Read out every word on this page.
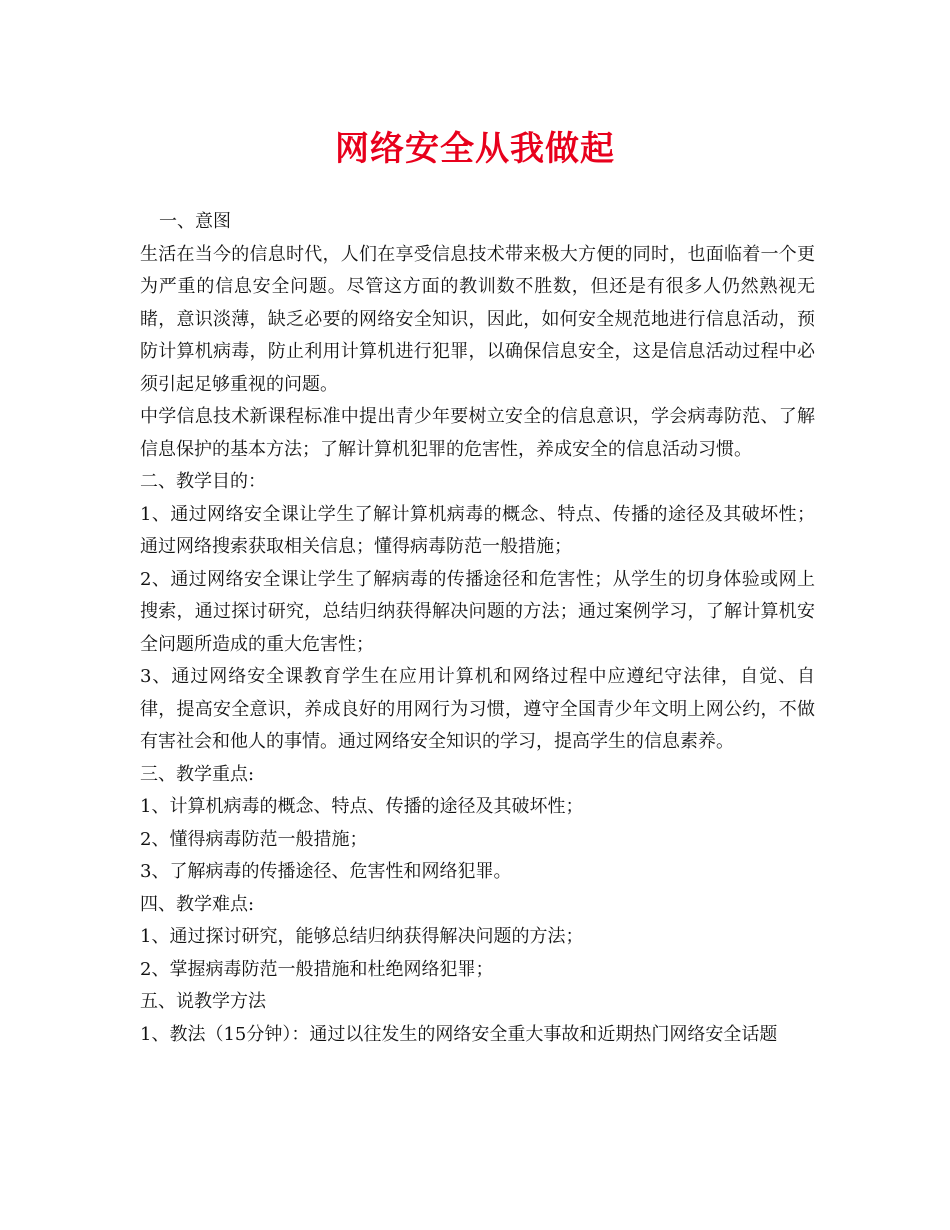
网络安全从我做起

一、意图

生活在当今的信息时代，人们在享受信息技术带来极大方便的同时，也面临着一个更为严重的信息安全问题。尽管这方面的教训数不胜数，但还是有很多人仍然熟视无睹，意识淡薄，缺乏必要的网络安全知识，因此，如何安全规范地进行信息活动，预防计算机病毒，防止利用计算机进行犯罪，以确保信息安全，这是信息活动过程中必须引起足够重视的问题。

中学信息技术新课程标准中提出青少年要树立安全的信息意识，学会病毒防范、了解信息保护的基本方法；了解计算机犯罪的危害性，养成安全的信息活动习惯。

二、教学目的：

1、通过网络安全课让学生了解计算机病毒的概念、特点、传播的途径及其破坏性；通过网络搜索获取相关信息；懂得病毒防范一般措施；

2、通过网络安全课让学生了解病毒的传播途径和危害性；从学生的切身体验或网上搜索，通过探讨研究，总结归纳获得解决问题的方法；通过案例学习，了解计算机安全问题所造成的重大危害性；

3、通过网络安全课教育学生在应用计算机和网络过程中应遵纪守法律，自觉、自律，提高安全意识，养成良好的用网行为习惯，遵守全国青少年文明上网公约，不做有害社会和他人的事情。通过网络安全知识的学习，提高学生的信息素养。

三、教学重点:

1、计算机病毒的概念、特点、传播的途径及其破坏性；

2、懂得病毒防范一般措施；

3、了解病毒的传播途径、危害性和网络犯罪。

四、教学难点:

1、通过探讨研究，能够总结归纳获得解决问题的方法；

2、掌握病毒防范一般措施和杜绝网络犯罪；

五、说教学方法

1、教法（15分钟）：通过以往发生的网络安全重大事故和近期热门网络安全话题
